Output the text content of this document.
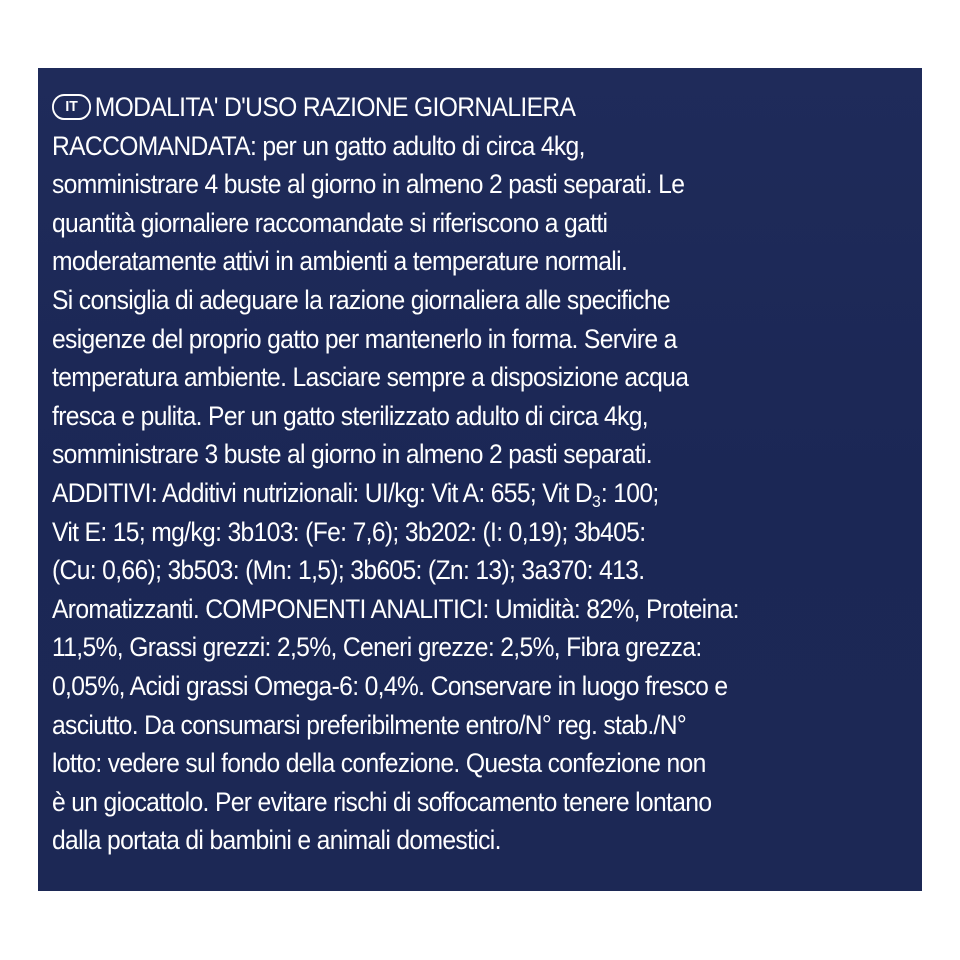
IT MODALITA' D'USO RAZIONE GIORNALIERA
RACCOMANDATA: per un gatto adulto di circa 4kg,
somministrare 4 buste al giorno in almeno 2 pasti separati. Le
quantità giornaliere raccomandate si riferiscono a gatti
moderatamente attivi in ambienti a temperature normali.
Si consiglia di adeguare la razione giornaliera alle specifiche
esigenze del proprio gatto per mantenerlo in forma. Servire a
temperatura ambiente. Lasciare sempre a disposizione acqua
fresca e pulita. Per un gatto sterilizzato adulto di circa 4kg,
somministrare 3 buste al giorno in almeno 2 pasti separati.
ADDITIVI: Additivi nutrizionali: UI/kg: Vit A: 655; Vit $D_3$: 100;
Vit E: 15; mg/kg: 3b103: (Fe: 7,6); 3b202: (I: 0,19); 3b405:
(Cu: 0,66); 3b503: (Mn: 1,5); 3b605: (Zn: 13); 3a370: 413.
Aromatizzanti. COMPONENTI ANALITICI: Umidità: 82%, Proteina:
11,5%, Grassi grezzi: 2,5%, Ceneri grezze: 2,5%, Fibra grezza:
0,05%, Acidi grassi Omega-6: 0,4%. Conservare in luogo fresco e
asciutto. Da consumarsi preferibilmente entro/N° reg. stab./N°
lotto: vedere sul fondo della confezione. Questa confezione non
è un giocattolo. Per evitare rischi di soffocamento tenere lontano
dalla portata di bambini e animali domestici.
